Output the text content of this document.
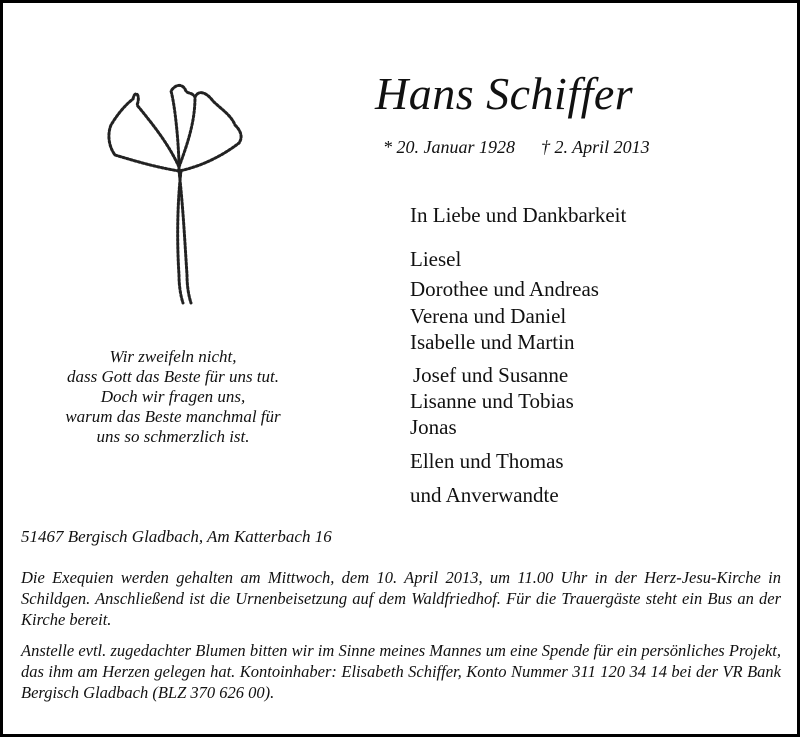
Hans Schiffer
* 20. Januar 1928 † 2. April 2013
Wir zweifeln nicht,
dass Gott das Beste für uns tut.
Doch wir fragen uns,
warum das Beste manchmal für
uns so schmerzlich ist.
In Liebe und Dankbarkeit
Liesel
Dorothee und Andreas
Verena und Daniel
Isabelle und Martin
Josef und Susanne
Lisanne und Tobias
Jonas
Ellen und Thomas
und Anverwandte
51467 Bergisch Gladbach, Am Katterbach 16
Die Exequien werden gehalten am Mittwoch, dem 10. April 2013, um 11.00 Uhr in der Herz-Jesu-Kirche in Schildgen. Anschließend ist die Urnenbeisetzung auf dem Waldfriedhof. Für die Trauergäste steht ein Bus an der Kirche bereit.
Anstelle evtl. zugedachter Blumen bitten wir im Sinne meines Mannes um eine Spende für ein persönliches Projekt, das ihm am Herzen gelegen hat. Kontoinhaber: Elisabeth Schiffer, Konto Nummer 311 120 34 14 bei der VR Bank Bergisch Gladbach (BLZ 370 626 00).
